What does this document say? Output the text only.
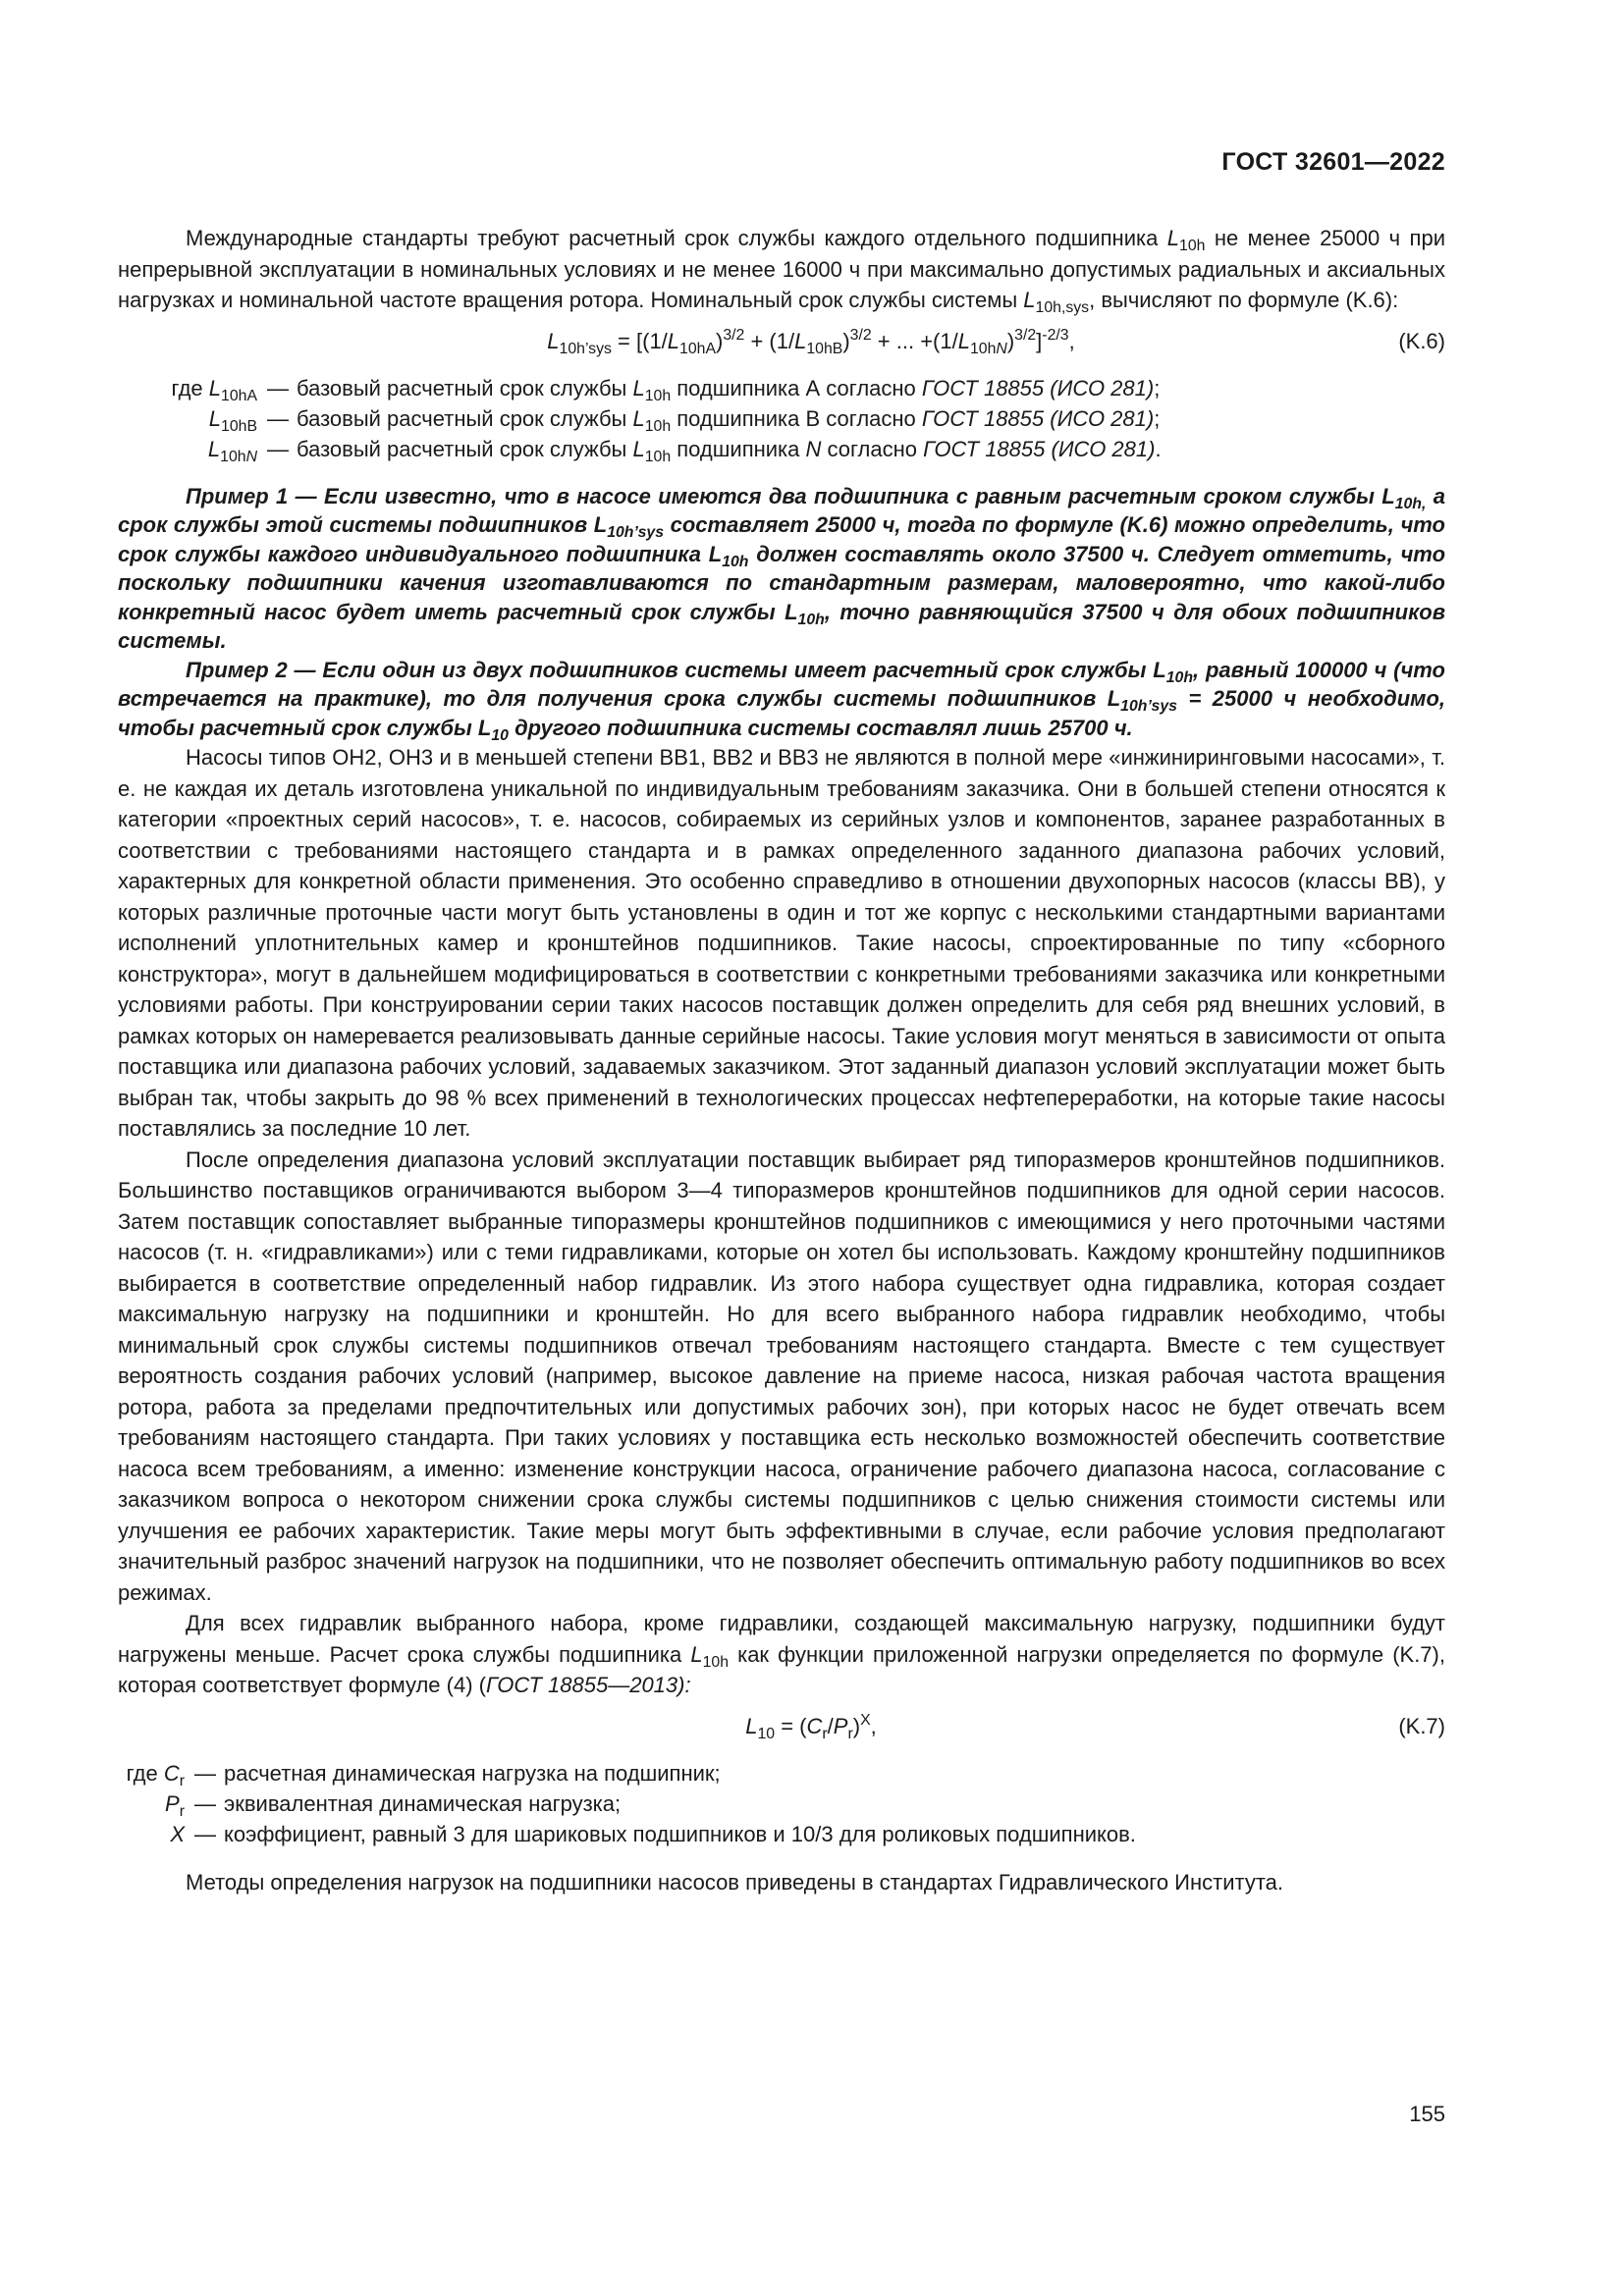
ГОСТ 32601—2022

Международные стандарты требуют расчетный срок службы каждого отдельного подшипника $L_{10h}$ не менее 25000 ч при непрерывной эксплуатации в номинальных условиях и не менее 16000 ч при максимально допустимых радиальных и аксиальных нагрузках и номинальной частоте вращения ротора. Номинальный срок службы системы $L_{10h,sys}$, вычисляют по формуле (K.6):

$L_{10h’sys} = [(1/L_{10hA})^{3/2} + (1/L_{10hB})^{3/2}$ + ... $+(1/L_{10hN})^{3/2}]^{-2/3}$,	(K.6)
где $L_{10hA}$ — базовый расчетный срок службы $L_{10h}$ подшипника А согласно ГОСТ 18855 (ИСО 281);
$L_{10hB}$ — базовый расчетный срок службы $L_{10h}$ подшипника В согласно ГОСТ 18855 (ИСО 281);
$L_{10hN}$ — базовый расчетный срок службы $L_{10h}$ подшипника N согласно ГОСТ 18855 (ИСО 281).

Пример 1 — Если известно, что в насосе имеются два подшипника с равным расчетным сроком службы $L_{10h,}$ а срок службы этой системы подшипников $L_{10h’sys}$ составляет 25000 ч, тогда по формуле (K.6) можно определить, что срок службы каждого индивидуального подшипника $L_{10h}$ должен составлять около 37500 ч. Следует отметить, что поскольку подшипники качения изготавливаются по стандартным размерам, маловероятно, что какой-либо конкретный насос будет иметь расчетный срок службы $L_{10h}$, точно равняющийся 37500 ч для обоих подшипников системы.

Пример 2 — Если один из двух подшипников системы имеет расчетный срок службы $L_{10h}$, равный 100000 ч (что встречается на практике), то для получения срока службы системы подшипников $L_{10h’sys} = 25000$ ч необходимо, чтобы расчетный срок службы $L_{10}$ другого подшипника системы составлял лишь 25700 ч.

Насосы типов ОН2, ОН3 и в меньшей степени ВВ1, ВВ2 и ВВ3 не являются в полной мере «инжиниринговыми насосами», т. е. не каждая их деталь изготовлена уникальной по индивидуальным требованиям заказчика. Они в большей степени относятся к категории «проектных серий насосов», т. е. насосов, собираемых из серийных узлов и компонентов, заранее разработанных в соответствии с требованиями настоящего стандарта и в рамках определенного заданного диапазона рабочих условий, характерных для конкретной области применения. Это особенно справедливо в отношении двухопорных насосов (классы ВВ), у которых различные проточные части могут быть установлены в один и тот же корпус с несколькими стандартными вариантами исполнений уплотнительных камер и кронштейнов подшипников. Такие насосы, спроектированные по типу «сборного конструктора», могут в дальнейшем модифицироваться в соответствии с конкретными требованиями заказчика или конкретными условиями работы. При конструировании серии таких насосов поставщик должен определить для себя ряд внешних условий, в рамках которых он намеревается реализовывать данные серийные насосы. Такие условия могут меняться в зависимости от опыта поставщика или диапазона рабочих условий, задаваемых заказчиком. Этот заданный диапазон условий эксплуатации может быть выбран так, чтобы закрыть до 98 % всех применений в технологических процессах нефтепереработки, на которые такие насосы поставлялись за последние 10 лет.

После определения диапазона условий эксплуатации поставщик выбирает ряд типоразмеров кронштейнов подшипников. Большинство поставщиков ограничиваются выбором 3—4 типоразмеров кронштейнов подшипников для одной серии насосов. Затем поставщик сопоставляет выбранные типоразмеры кронштейнов подшипников с имеющимися у него проточными частями насосов (т. н. «гидравликами») или с теми гидравликами, которые он хотел бы использовать. Каждому кронштейну подшипников выбирается в соответствие определенный набор гидравлик. Из этого набора существует одна гидравлика, которая создает максимальную нагрузку на подшипники и кронштейн. Но для всего выбранного набора гидравлик необходимо, чтобы минимальный срок службы системы подшипников отвечал требованиям настоящего стандарта. Вместе с тем существует вероятность создания рабочих условий (например, высокое давление на приеме насоса, низкая рабочая частота вращения ротора, работа за пределами предпочтительных или допустимых рабочих зон), при которых насос не будет отвечать всем требованиям настоящего стандарта. При таких условиях у поставщика есть несколько возможностей обеспечить соответствие насоса всем требованиям, а именно: изменение конструкции насоса, ограничение рабочего диапазона насоса, согласование с заказчиком вопроса о некотором снижении срока службы системы подшипников с целью снижения стоимости системы или улучшения ее рабочих характеристик. Такие меры могут быть эффективными в случае, если рабочие условия предполагают значительный разброс значений нагрузок на подшипники, что не позволяет обеспечить оптимальную работу подшипников во всех режимах.

Для всех гидравлик выбранного набора, кроме гидравлики, создающей максимальную нагрузку, подшипники будут нагружены меньше. Расчет срока службы подшипника $L_{10h}$ как функции приложенной нагрузки определяется по формуле (K.7), которая соответствует формуле (4) (ГОСТ 18855—2013):

$L_{10} = (C_r/P_r)^X$,	(K.7)
где $C_r$ — расчетная динамическая нагрузка на подшипник;
$P_r$ — эквивалентная динамическая нагрузка;
X — коэффициент, равный 3 для шариковых подшипников и 10/3 для роликовых подшипников.

Методы определения нагрузок на подшипники насосов приведены в стандартах Гидравлического Института.

155
